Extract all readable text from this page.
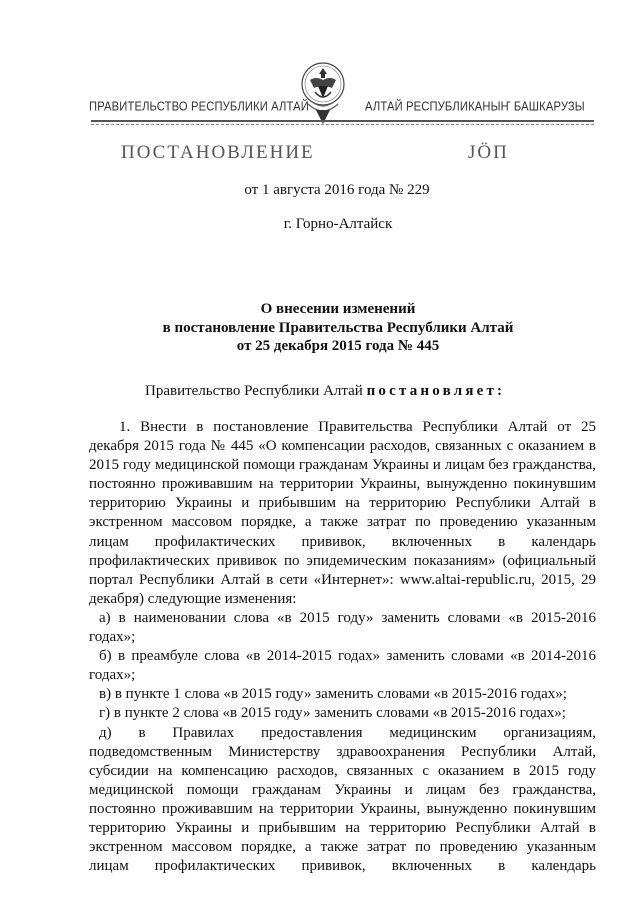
ПРАВИТЕЛЬСТВО РЕСПУБЛИКИ АЛТАЙ	АЛТАЙ РЕСПУБЛИКАНЫҤ БАШКАРУЗЫ
ПОСТАНОВЛЕНИЕ	JÖП
от 1 августа 2016 года № 229
г. Горно-Алтайск
О внесении изменений
в постановление Правительства Республики Алтай
от 25 декабря 2015 года № 445
Правительство Республики Алтай постановляет:

1. Внести в постановление Правительства Республики Алтай от 25 декабря 2015 года № 445 «О компенсации расходов, связанных с оказанием в 2015 году медицинской помощи гражданам Украины и лицам без гражданства, постоянно проживавшим на территории Украины, вынужденно покинувшим территорию Украины и прибывшим на территорию Республики Алтай в экстренном массовом порядке, а также затрат по проведению указанным лицам профилактических прививок, включенных в календарь профилактических прививок по эпидемическим показаниям» (официальный портал Республики Алтай в сети «Интернет»: www.altai-republic.ru, 2015, 29 декабря) следующие изменения:

а) в наименовании слова «в 2015 году» заменить словами «в 2015-2016 годах»;

б) в преамбуле слова «в 2014-2015 годах» заменить словами «в 2014-2016 годах»;

в) в пункте 1 слова «в 2015 году» заменить словами «в 2015-2016 годах»;

г) в пункте 2 слова «в 2015 году» заменить словами «в 2015-2016 годах»;

д) в Правилах предоставления медицинским организациям, подведомственным Министерству здравоохранения Республики Алтай, субсидии на компенсацию расходов, связанных с оказанием в 2015 году медицинской помощи гражданам Украины и лицам без гражданства, постоянно проживавшим на территории Украины, вынужденно покинувшим территорию Украины и прибывшим на территорию Республики Алтай в экстренном массовом порядке, а также затрат по проведению указанным лицам профилактических прививок, включенных в календарь
